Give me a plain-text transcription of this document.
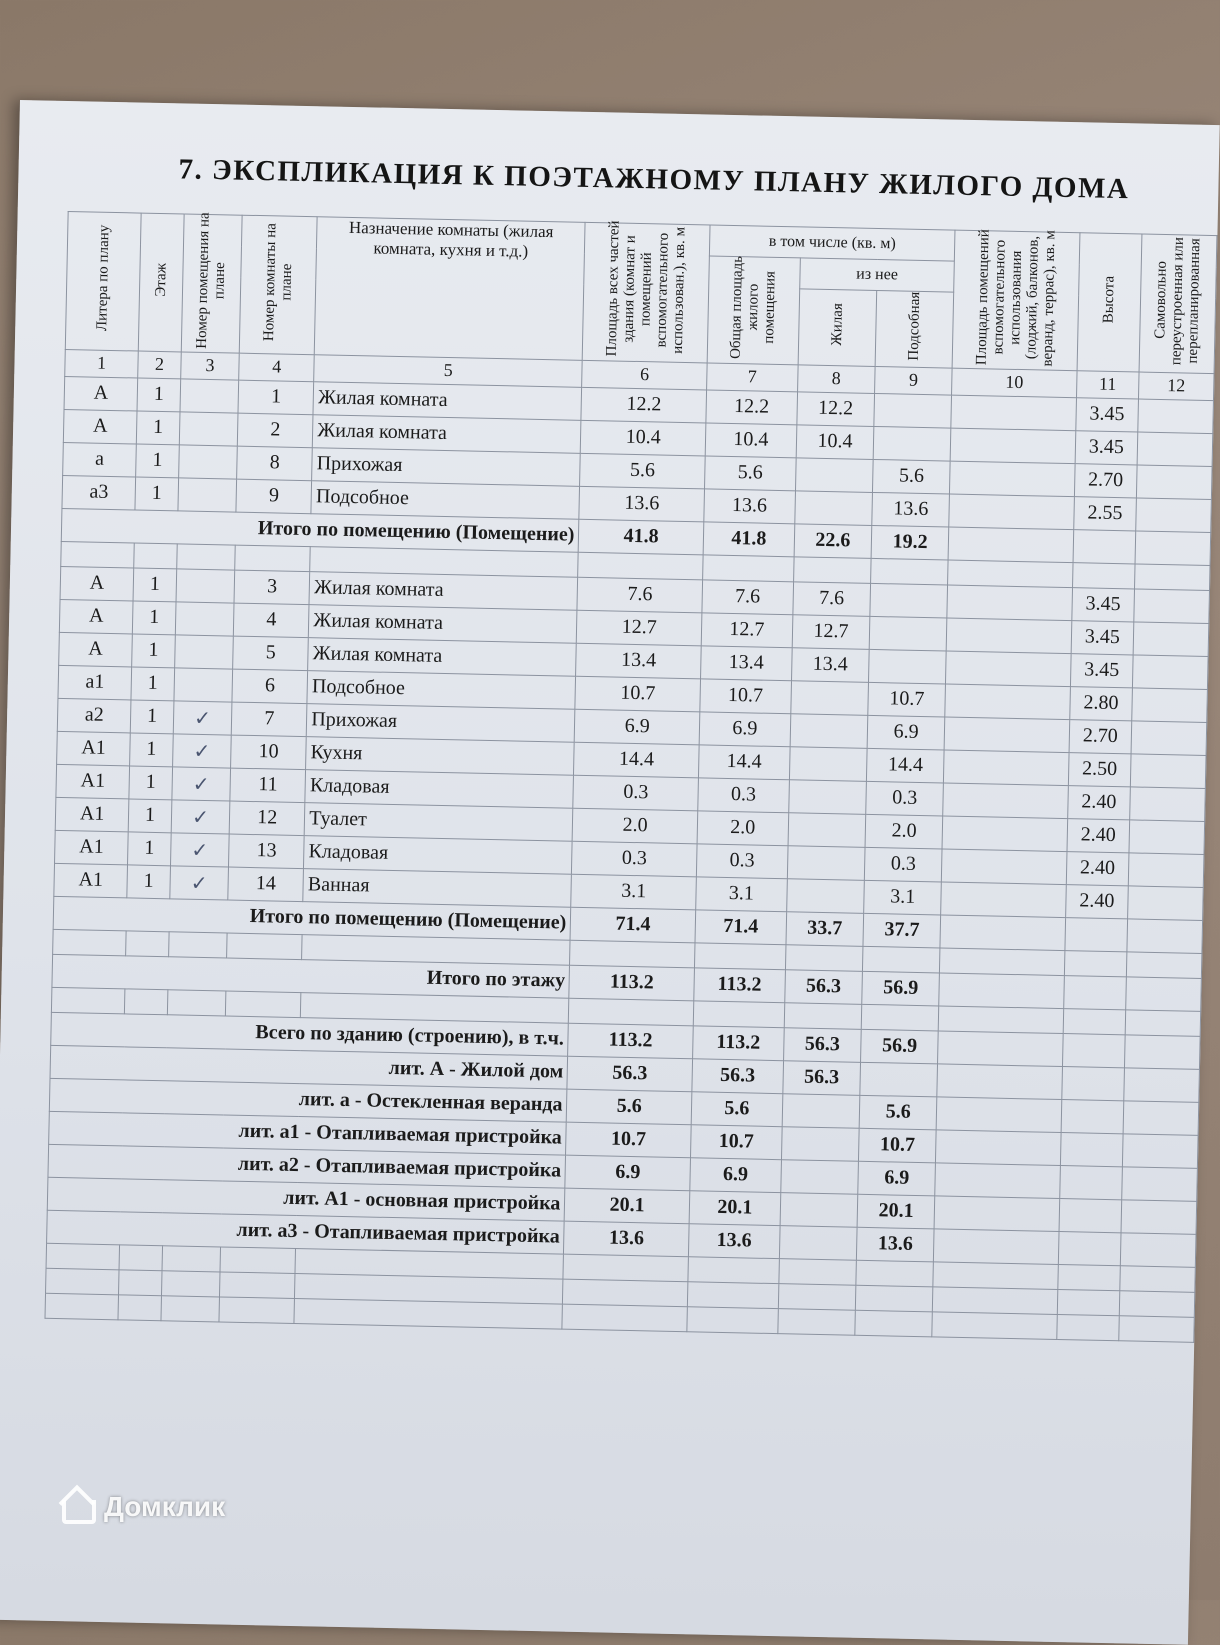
7. ЭКСПЛИКАЦИЯ К ПОЭТАЖНОМУ ПЛАНУ ЖИЛОГО ДОМА
Литера по плану	Этаж	Номер помещения на плане	Номер комнаты на плане	Назначение комнаты (жилая комната, кухня и т.д.)	Площадь всех частей здания (комнат и помещений вспомогательного использован.), кв. м	в том числе (кв. м)			Площадь помещений вспомогательного использования (лоджий, балконов, веранд, террас), кв. м	Высота	Самовольно переустроенная или перепланированная
						Общая площадь жилого помещения	из нее				
							Жилая	Подсобная			
1	2	3	4	5	6	7	8	9	10	11	12
А	1		1	Жилая комната	12.2	12.2	12.2			3.45	
А	1		2	Жилая комната	10.4	10.4	10.4			3.45	
а	1		8	Прихожая	5.6	5.6		5.6		2.70	
а3	1		9	Подсобное	13.6	13.6		13.6		2.55	
Итого по помещению (Помещение)					41.8	41.8	22.6	19.2			

А	1		3	Жилая комната	7.6	7.6	7.6			3.45	
А	1		4	Жилая комната	12.7	12.7	12.7			3.45	
А	1		5	Жилая комната	13.4	13.4	13.4			3.45	
а1	1		6	Подсобное	10.7	10.7		10.7		2.80	
а2	1	✓	7	Прихожая	6.9	6.9		6.9		2.70	
А1	1	✓	10	Кухня	14.4	14.4		14.4		2.50	
А1	1	✓	11	Кладовая	0.3	0.3		0.3		2.40	
А1	1	✓	12	Туалет	2.0	2.0		2.0		2.40	
А1	1	✓	13	Кладовая	0.3	0.3		0.3		2.40	
А1	1	✓	14	Ванная	3.1	3.1		3.1		2.40	
Итого по помещению (Помещение)					71.4	71.4	33.7	37.7			

Итого по этажу					113.2	113.2	56.3	56.9			

Всего по зданию (строению), в т.ч.					113.2	113.2	56.3	56.9			
лит. А - Жилой дом					56.3	56.3	56.3				
лит. а - Остекленная веранда					5.6	5.6		5.6			
лит. а1 - Отапливаемая пристройка					10.7	10.7		10.7			
лит. а2 - Отапливаемая пристройка					6.9	6.9		6.9			
лит. А1 - основная пристройка					20.1	20.1		20.1			
лит. а3 - Отапливаемая пристройка					13.6	13.6		13.6			

Домклик
